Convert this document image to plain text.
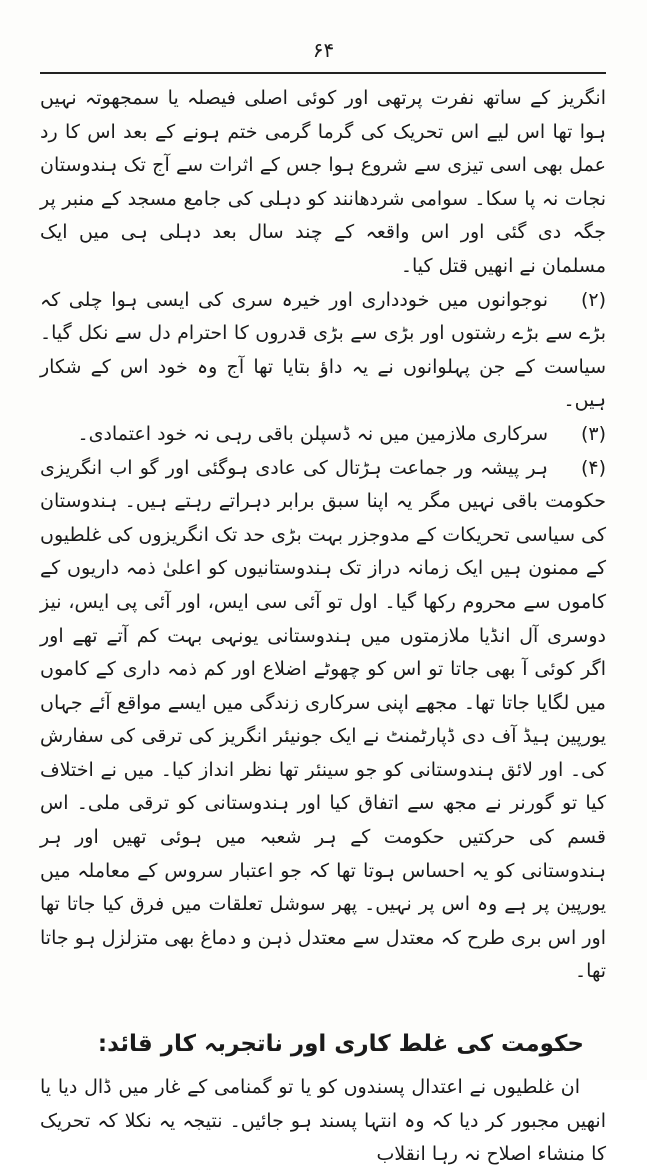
۶۴

انگریز کے ساتھ نفرت پرتھی اور کوئی اصلی فیصلہ یا سمجھوتہ نہیں ہوا تھا اس لیے اس تحریک کی گرما گرمی ختم ہونے کے بعد اس کا رد عمل بھی اسی تیزی سے شروع ہوا جس کے اثرات سے آج تک ہندوستان نجات نہ پا سکا۔ سوامی شردھانند کو دہلی کی جامع مسجد کے منبر پر جگہ دی گئی اور اس واقعہ کے چند سال بعد دہلی ہی میں ایک مسلمان نے انھیں قتل کیا۔

(۲)نوجوانوں میں خودداری اور خیرہ سری کی ایسی ہوا چلی کہ بڑے سے بڑے رشتوں اور بڑی سے بڑی قدروں کا احترام دل سے نکل گیا۔ سیاست کے جن پہلوانوں نے یہ داؤ بتایا تھا آج وہ خود اس کے شکار ہیں۔

(۳)سرکاری ملازمین میں نہ ڈسپلن باقی رہی نہ خود اعتمادی۔

(۴)ہر پیشہ ور جماعت ہڑتال کی عادی ہوگئی اور گو اب انگریزی حکومت باقی نہیں مگر یہ اپنا سبق برابر دہراتے رہتے ہیں۔ ہندوستان کی سیاسی تحریکات کے مدوجزر بہت بڑی حد تک انگریزوں کی غلطیوں کے ممنون ہیں ایک زمانہ دراز تک ہندوستانیوں کو اعلیٰ ذمہ داریوں کے کاموں سے محروم رکھا گیا۔ اول تو آئی سی ایس، اور آئی پی ایس، نیز دوسری آل انڈیا ملازمتوں میں ہندوستانی یونہی بہت کم آتے تھے اور اگر کوئی آ بھی جاتا تو اس کو چھوٹے اضلاع اور کم ذمہ داری کے کاموں میں لگایا جاتا تھا۔ مجھے اپنی سرکاری زندگی میں ایسے مواقع آئے جہاں یورپین ہیڈ آف دی ڈپارٹمنٹ نے ایک جونیئر انگریز کی ترقی کی سفارش کی۔ اور لائق ہندوستانی کو جو سینئر تھا نظر انداز کیا۔ میں نے اختلاف کیا تو گورنر نے مجھ سے اتفاق کیا اور ہندوستانی کو ترقی ملی۔ اس قسم کی حرکتیں حکومت کے ہر شعبہ میں ہوئی تھیں اور ہر ہندوستانی کو یہ احساس ہوتا تھا کہ جو اعتبار سروس کے معاملہ میں یورپین پر ہے وہ اس پر نہیں۔ پھر سوشل تعلقات میں فرق کیا جاتا تھا اور اس بری طرح کہ معتدل سے معتدل ذہن و دماغ بھی متزلزل ہو جاتا تھا۔

حکومت کی غلط کاری اور ناتجربہ کار قائد:

ان غلطیوں نے اعتدال پسندوں کو یا تو گمنامی کے غار میں ڈال دیا یا انھیں مجبور کر دیا کہ وہ انتہا پسند ہو جائیں۔ نتیجہ یہ نکلا کہ تحریک کا منشاء اصلاح نہ رہا انقلاب
